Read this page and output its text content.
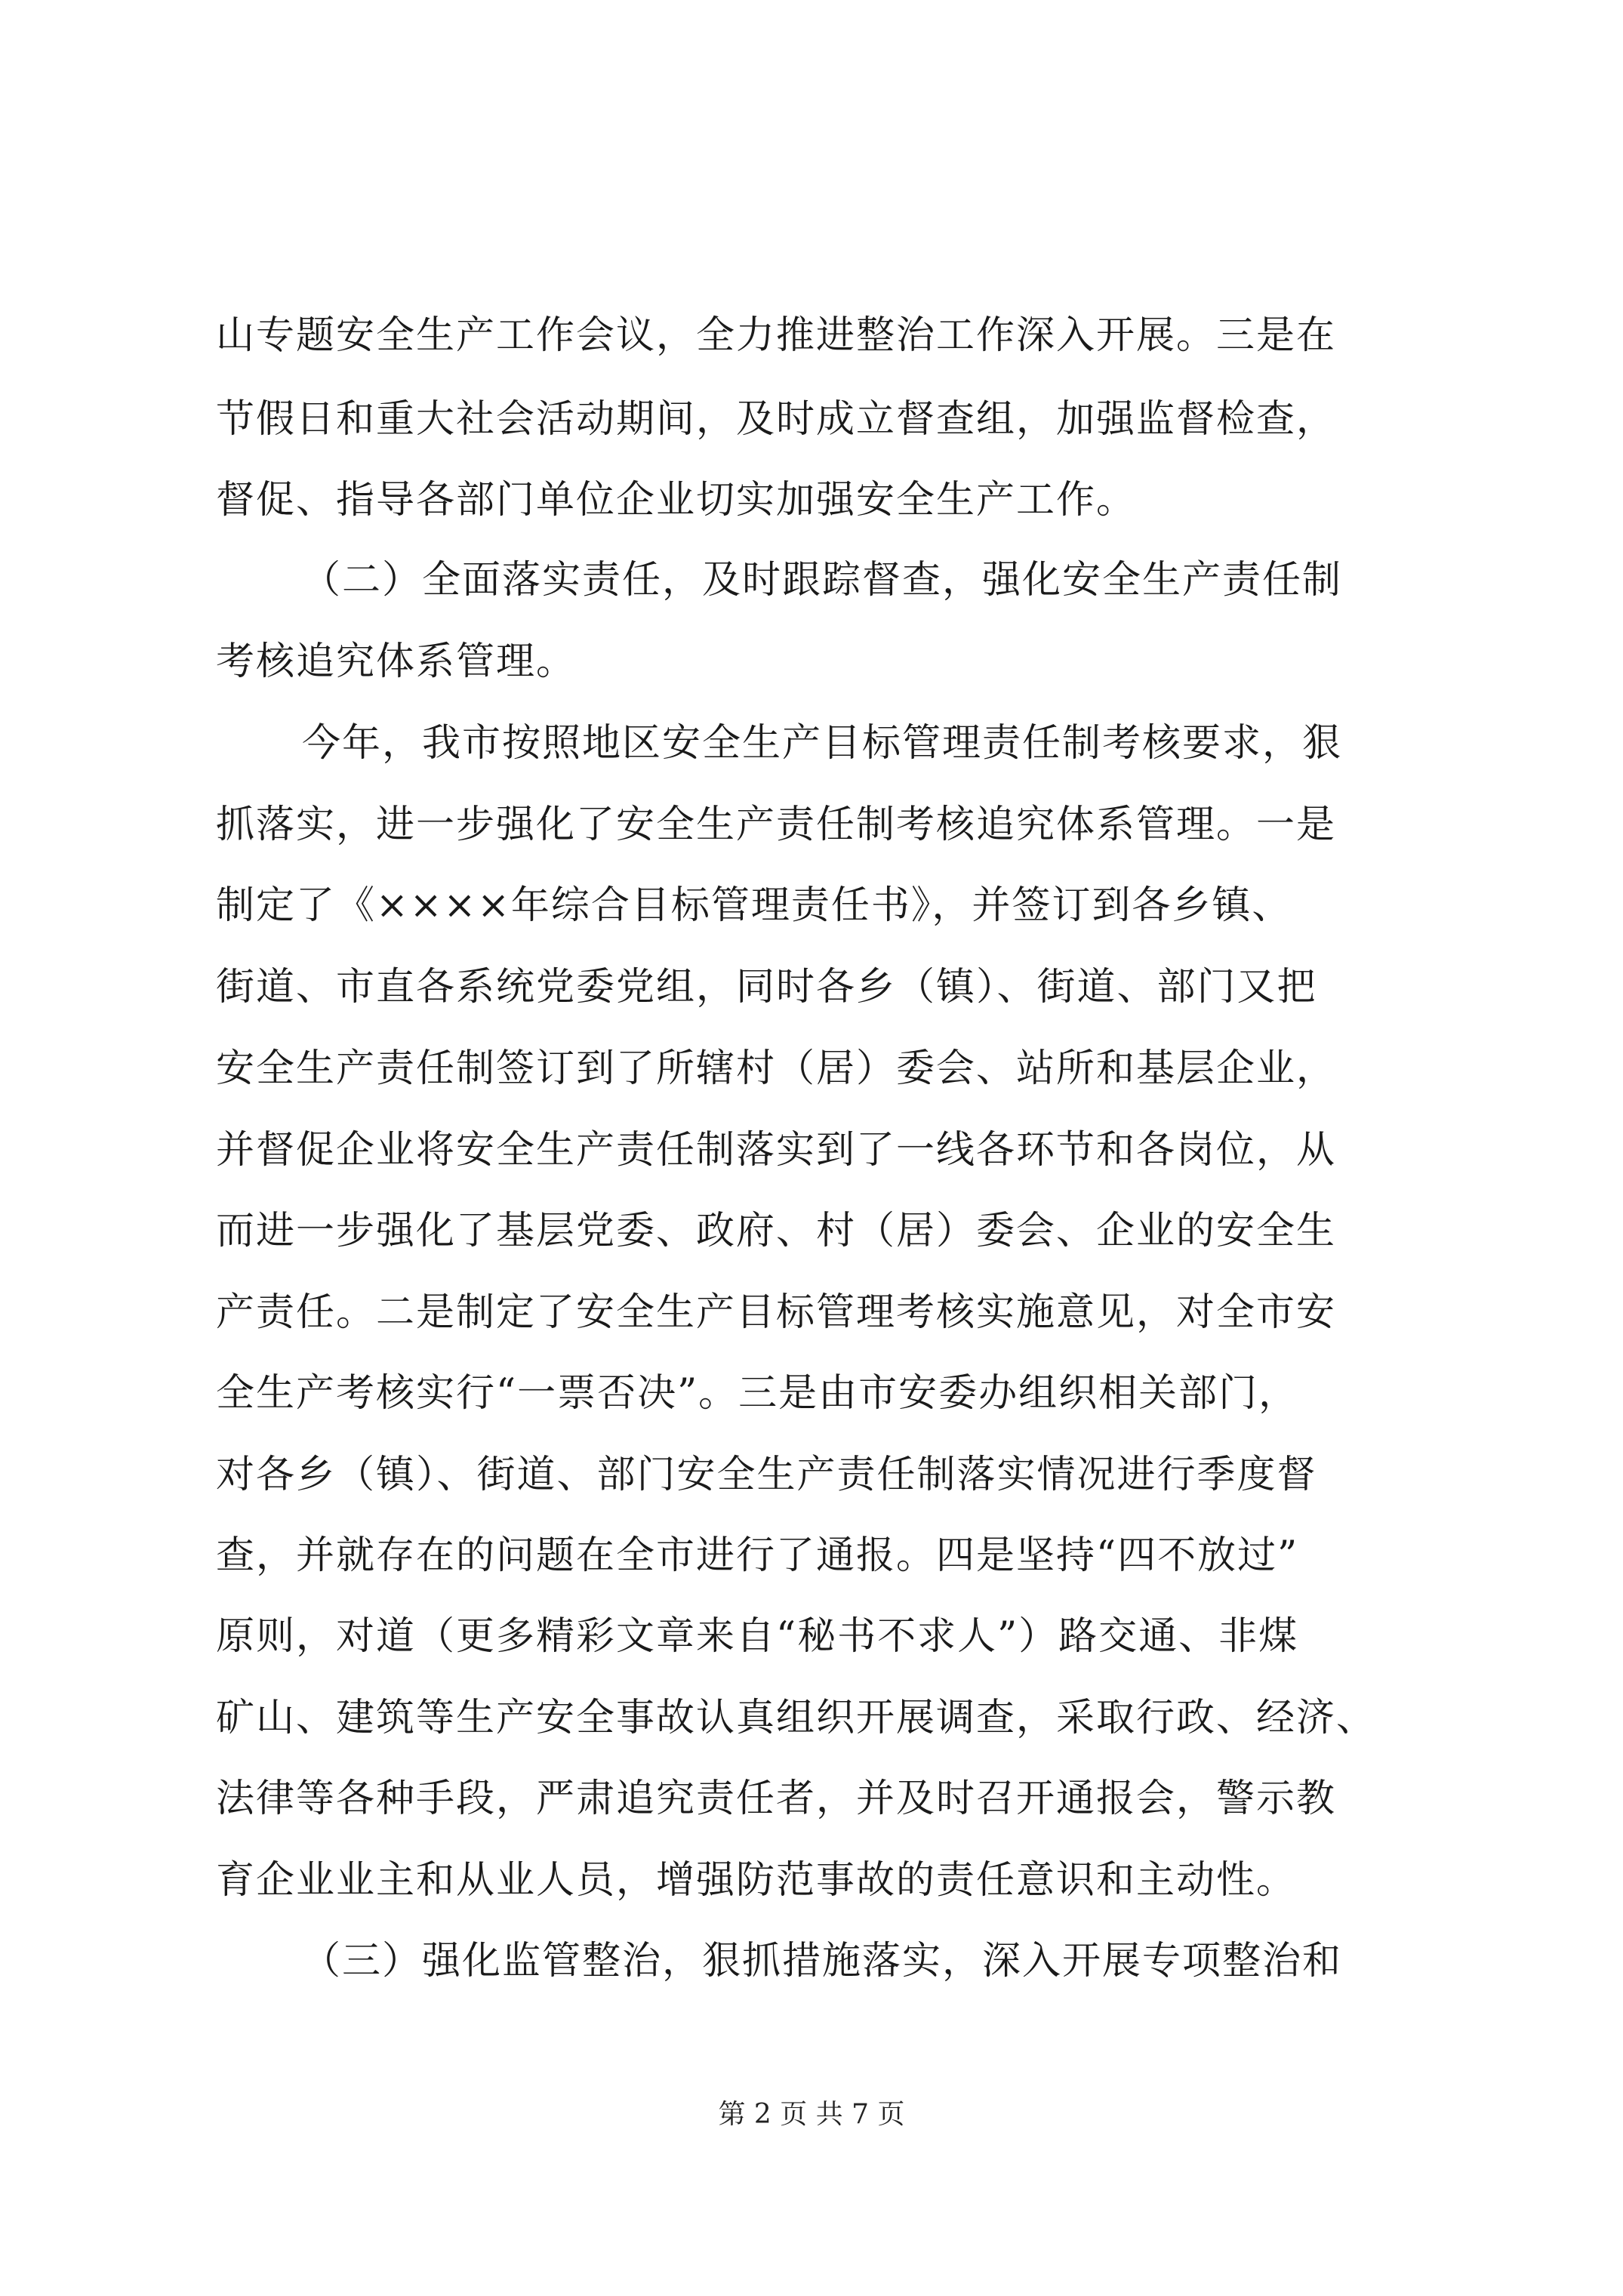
山专题安全生产工作会议，全力推进整治工作深入开展。三是在
节假日和重大社会活动期间，及时成立督查组，加强监督检查，
督促、指导各部门单位企业切实加强安全生产工作。
（二）全面落实责任，及时跟踪督查，强化安全生产责任制
考核追究体系管理。
今年，我市按照地区安全生产目标管理责任制考核要求，狠
抓落实，进一步强化了安全生产责任制考核追究体系管理。一是
制定了《××××年综合目标管理责任书》，并签订到各乡镇、
街道、市直各系统党委党组，同时各乡（镇）、街道、部门又把
安全生产责任制签订到了所辖村（居）委会、站所和基层企业，
并督促企业将安全生产责任制落实到了一线各环节和各岗位，从
而进一步强化了基层党委、政府、村（居）委会、企业的安全生
产责任。二是制定了安全生产目标管理考核实施意见，对全市安
全生产考核实行“一票否决”。三是由市安委办组织相关部门，
对各乡（镇）、街道、部门安全生产责任制落实情况进行季度督
查，并就存在的问题在全市进行了通报。四是坚持“四不放过”
原则，对道（更多精彩文章来自“秘书不求人”）路交通、非煤
矿山、建筑等生产安全事故认真组织开展调查，采取行政、经济、
法律等各种手段，严肃追究责任者，并及时召开通报会，警示教
育企业业主和从业人员，增强防范事故的责任意识和主动性。
（三）强化监管整治，狠抓措施落实，深入开展专项整治和
第 2 页 共 7 页
